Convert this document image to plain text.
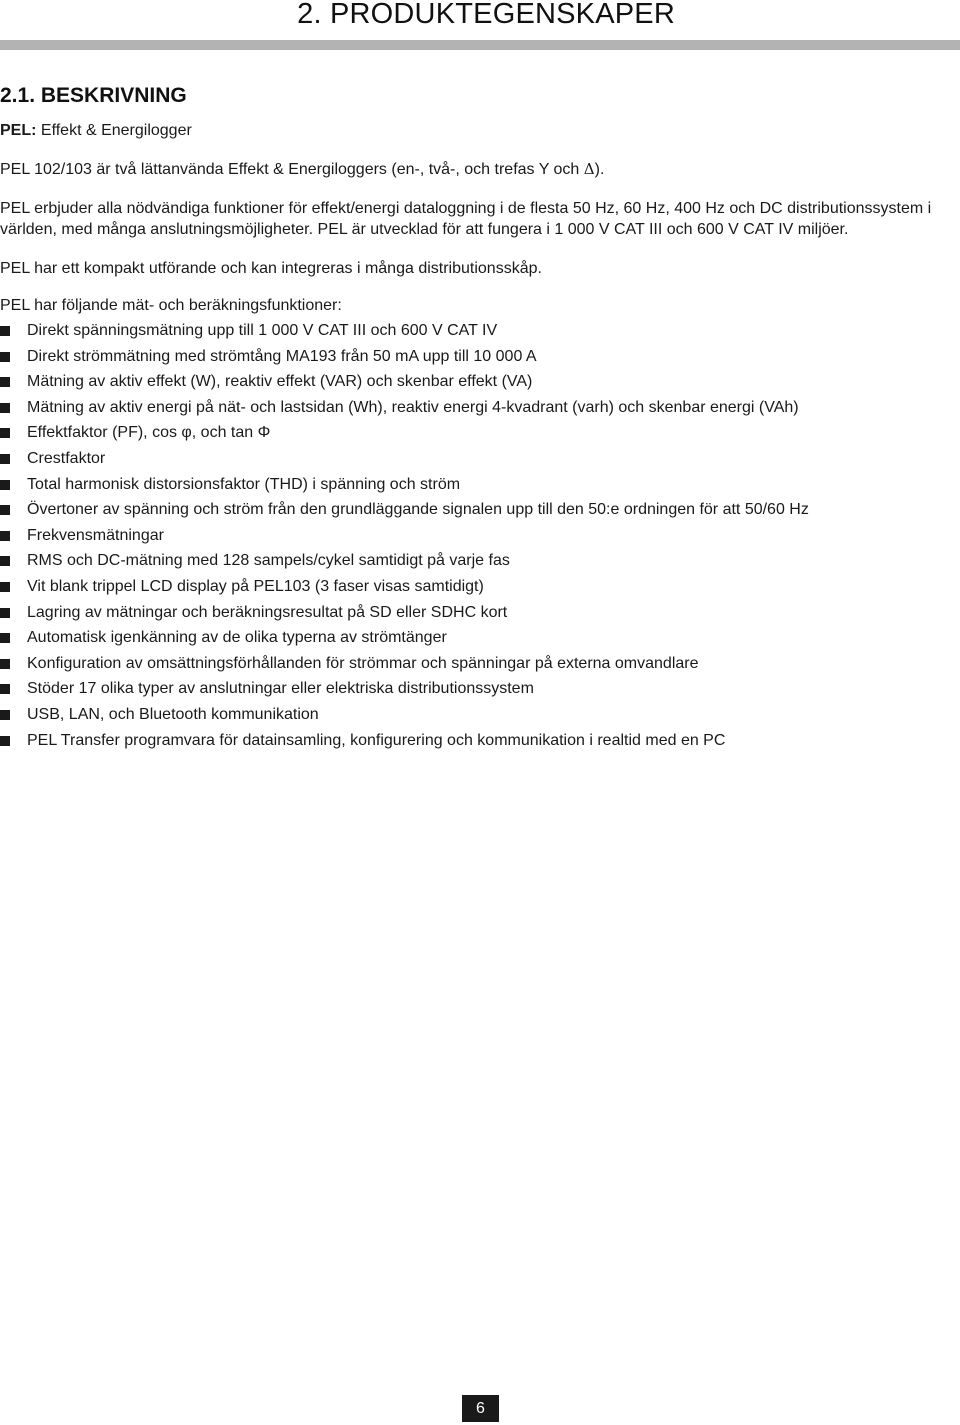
2. PRODUKTEGENSKAPER
2.1. BESKRIVNING

PEL: Effekt & Energilogger

PEL 102/103 är två lättanvända Effekt & Energiloggers (en-, två-, och trefas Y och Δ).

PEL erbjuder alla nödvändiga funktioner för effekt/energi dataloggning i de flesta 50 Hz, 60 Hz, 400 Hz och DC distributionssystem i världen, med många anslutningsmöjligheter. PEL är utvecklad för att fungera i 1 000 V CAT III och 600 V CAT IV miljöer.

PEL har ett kompakt utförande och kan integreras i många distributionsskåp.

PEL har följande mät- och beräkningsfunktioner:

Direkt spänningsmätning upp till 1 000 V CAT III och 600 V CAT IV
Direkt strömmätning med strömtång MA193 från 50 mA upp till 10 000 A
Mätning av aktiv effekt (W), reaktiv effekt (VAR) och skenbar effekt (VA)
Mätning av aktiv energi på nät- och lastsidan (Wh), reaktiv energi 4-kvadrant (varh) och skenbar energi (VAh)
Effektfaktor (PF), cos φ, och tan Φ
Crestfaktor
Total harmonisk distorsionsfaktor (THD) i spänning och ström
Övertoner av spänning och ström från den grundläggande signalen upp till den 50:e ordningen för att 50/60 Hz
Frekvensmätningar
RMS och DC-mätning med 128 sampels/cykel samtidigt på varje fas
Vit blank trippel LCD display på PEL103 (3 faser visas samtidigt)
Lagring av mätningar och beräkningsresultat på SD eller SDHC kort
Automatisk igenkänning av de olika typerna av strömtänger
Konfiguration av omsättningsförhållanden för strömmar och spänningar på externa omvandlare
Stöder 17 olika typer av anslutningar eller elektriska distributionssystem
USB, LAN, och Bluetooth kommunikation
PEL Transfer programvara för datainsamling, konfigurering och kommunikation i realtid med en PC
6
